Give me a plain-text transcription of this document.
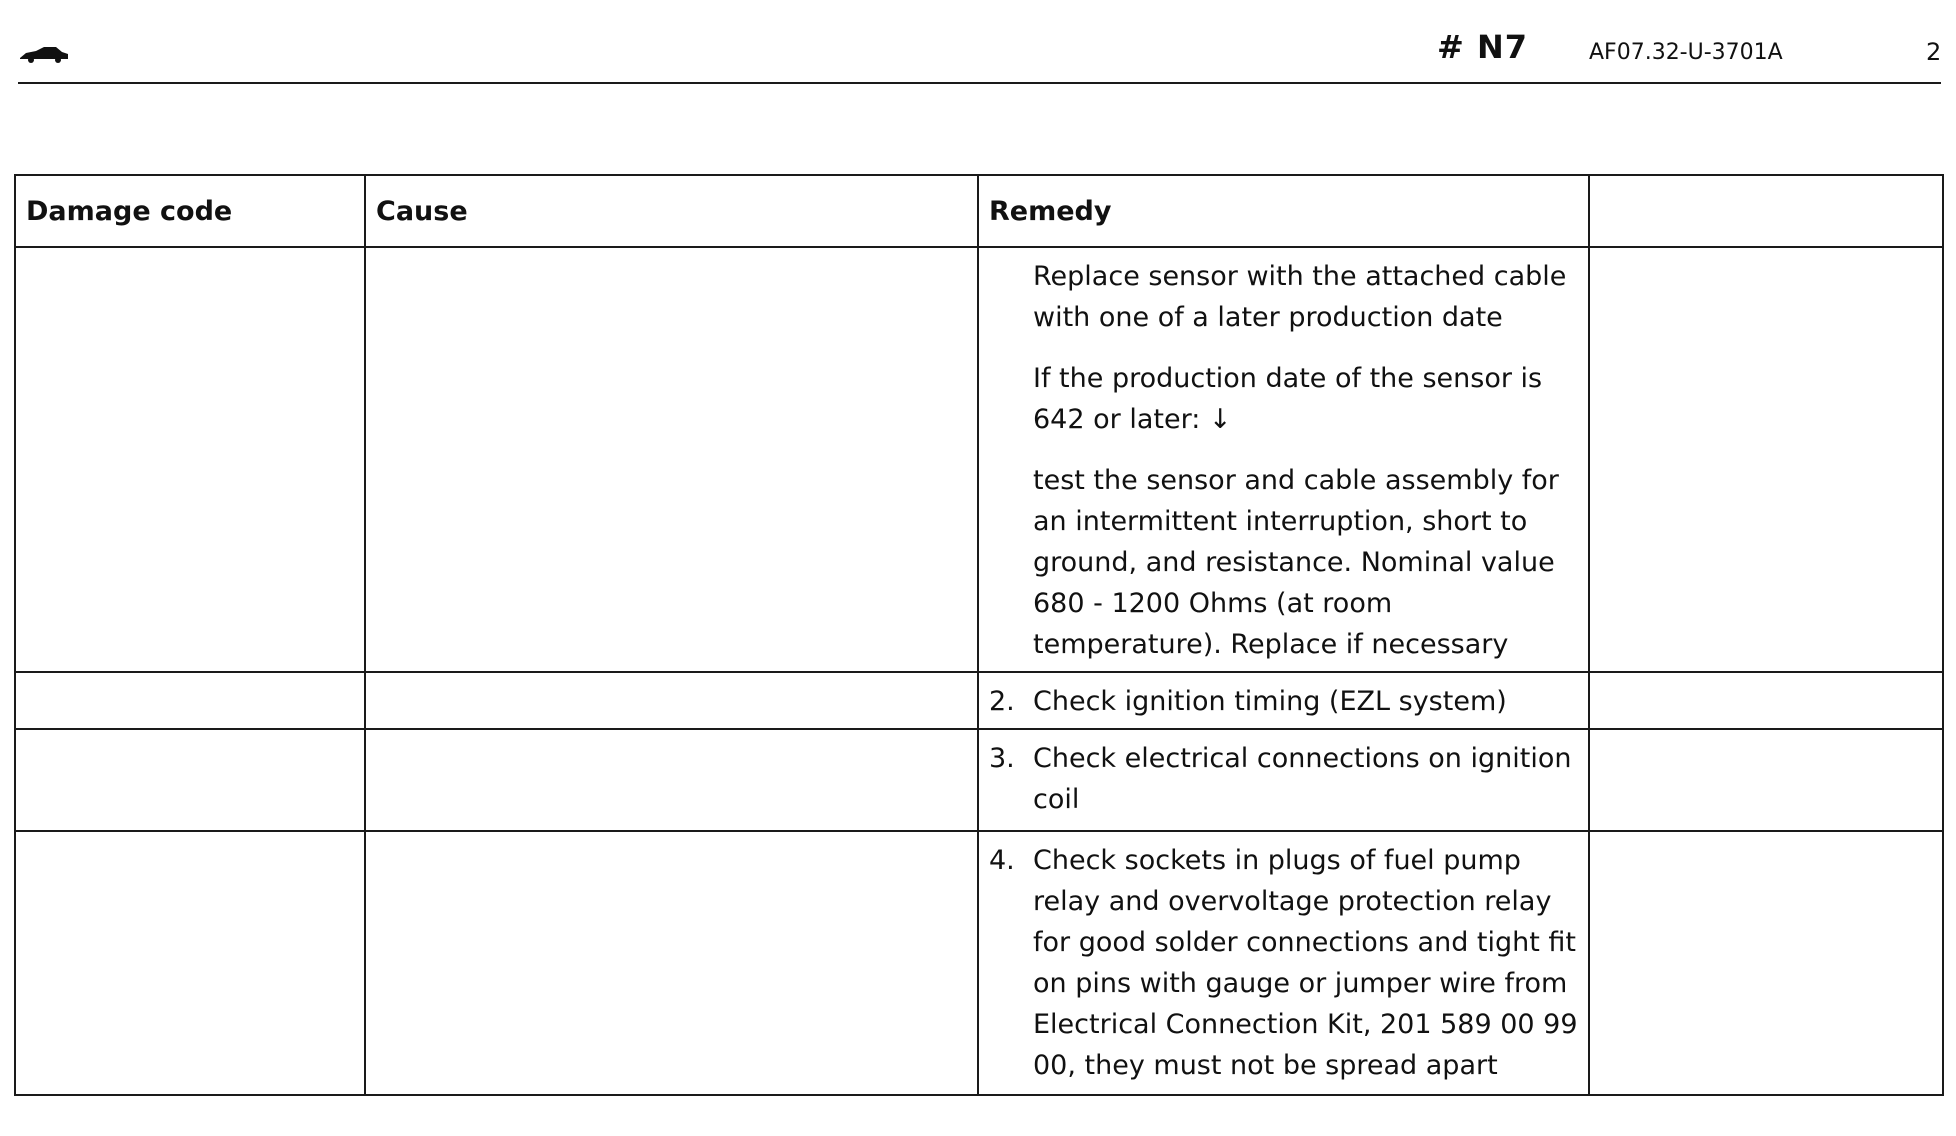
# N7	AF07.32-U-3701A	2
Damage code	Cause	Remedy	

		Replace sensor with the attached cable with one of a later production date

If the production date of the sensor is 642 or later: ↓

test the sensor and cable assembly for an intermittent interruption, short to ground, and resistance. Nominal value 680 - 1200 Ohms (at room temperature). Replace if necessary	

		2. Check ignition timing (EZL system)	

		3. Check electrical connections on ignition coil	

		4. Check sockets in plugs of fuel pump relay and overvoltage protection relay for good solder connections and tight fit on pins with gauge or jumper wire from Electrical Connection Kit, 201 589 00 99 00, they must not be spread apart	
